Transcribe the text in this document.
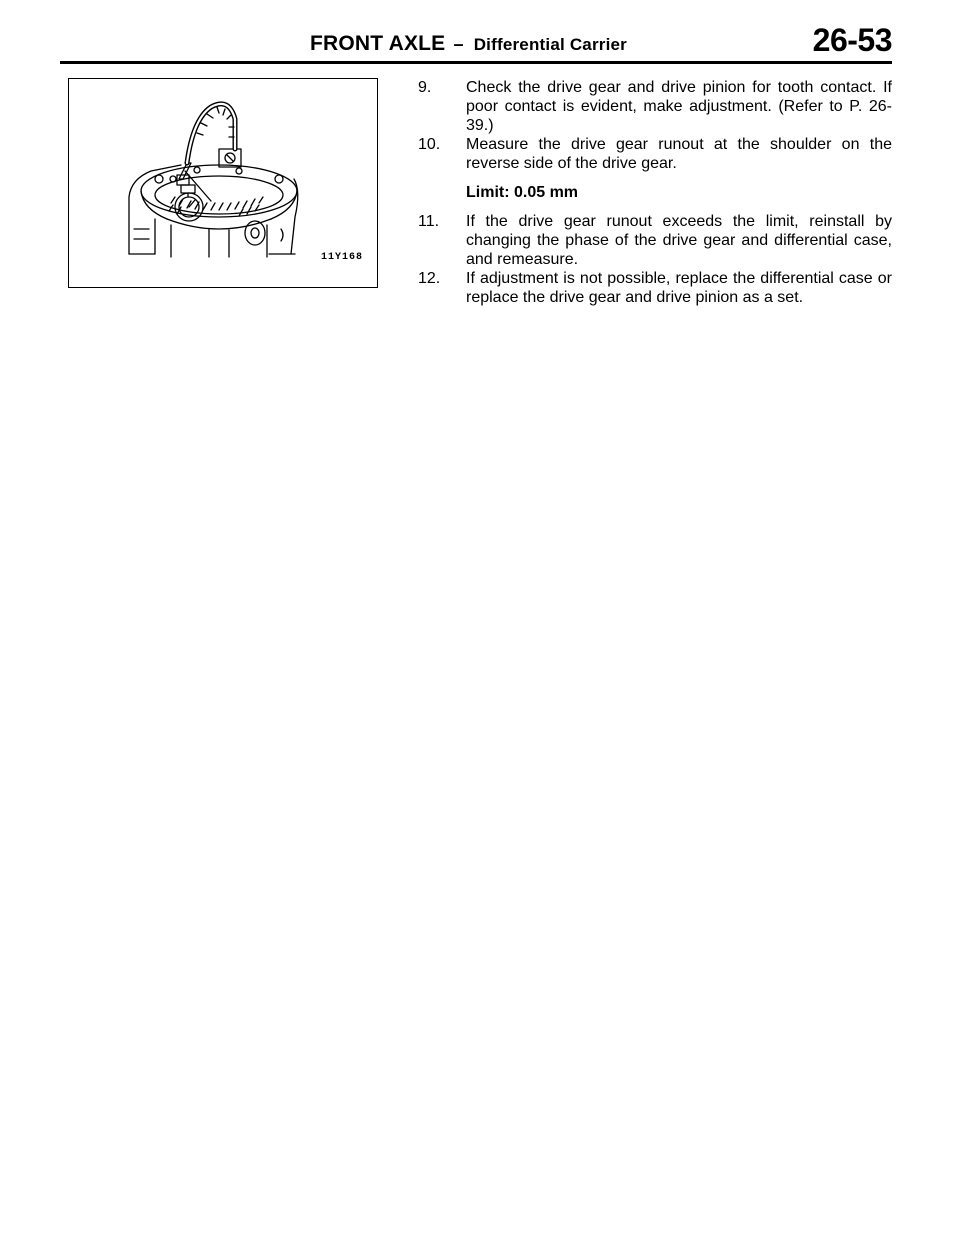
FRONT AXLE – Differential Carrier	26-53
11Y168
9. Check the drive gear and drive pinion for tooth contact. If poor contact is evident, make adjustment. (Refer to P. 26-39.)
10. Measure the drive gear runout at the shoulder on the reverse side of the drive gear.
Limit: 0.05 mm
11. If the drive gear runout exceeds the limit, reinstall by changing the phase of the drive gear and differential case, and remeasure.
12. If adjustment is not possible, replace the differential case or replace the drive gear and drive pinion as a set.
